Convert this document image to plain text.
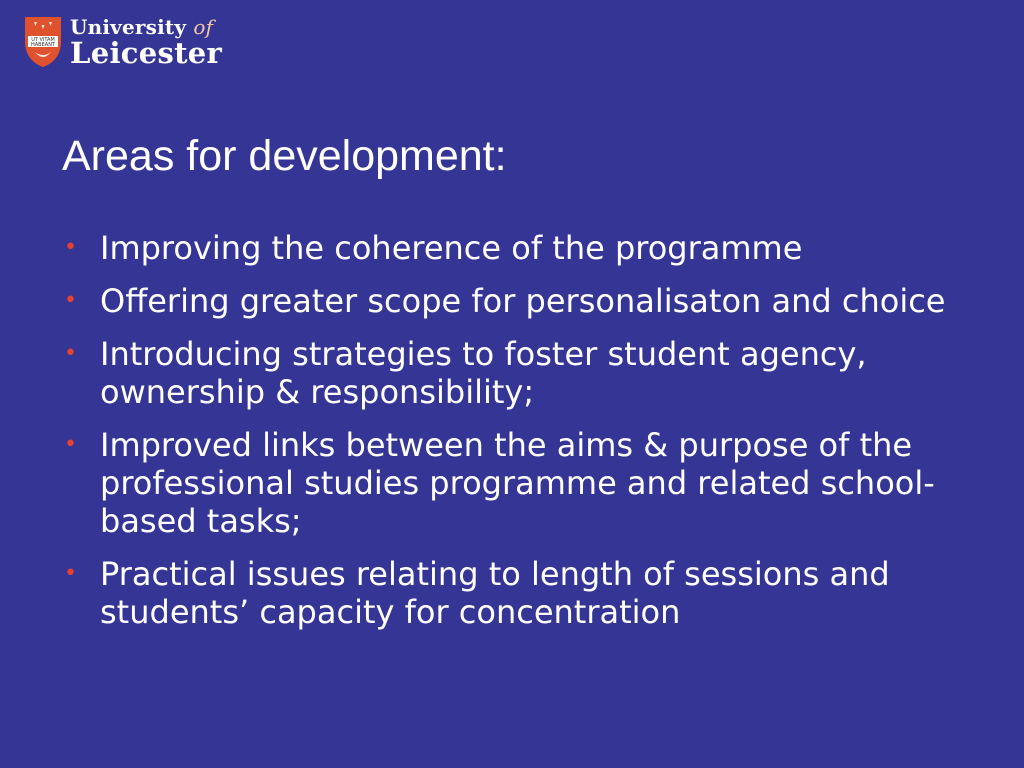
UT VITAM
HABEANT
University of
Leicester
Areas for development:
• Improving the coherence of the programme
• Offering greater scope for personalisaton and choice
• Introducing strategies to foster student agency, ownership & responsibility;
• Improved links between the aims & purpose of the professional studies programme and related school-based tasks;
• Practical issues relating to length of sessions and students’ capacity for concentration
